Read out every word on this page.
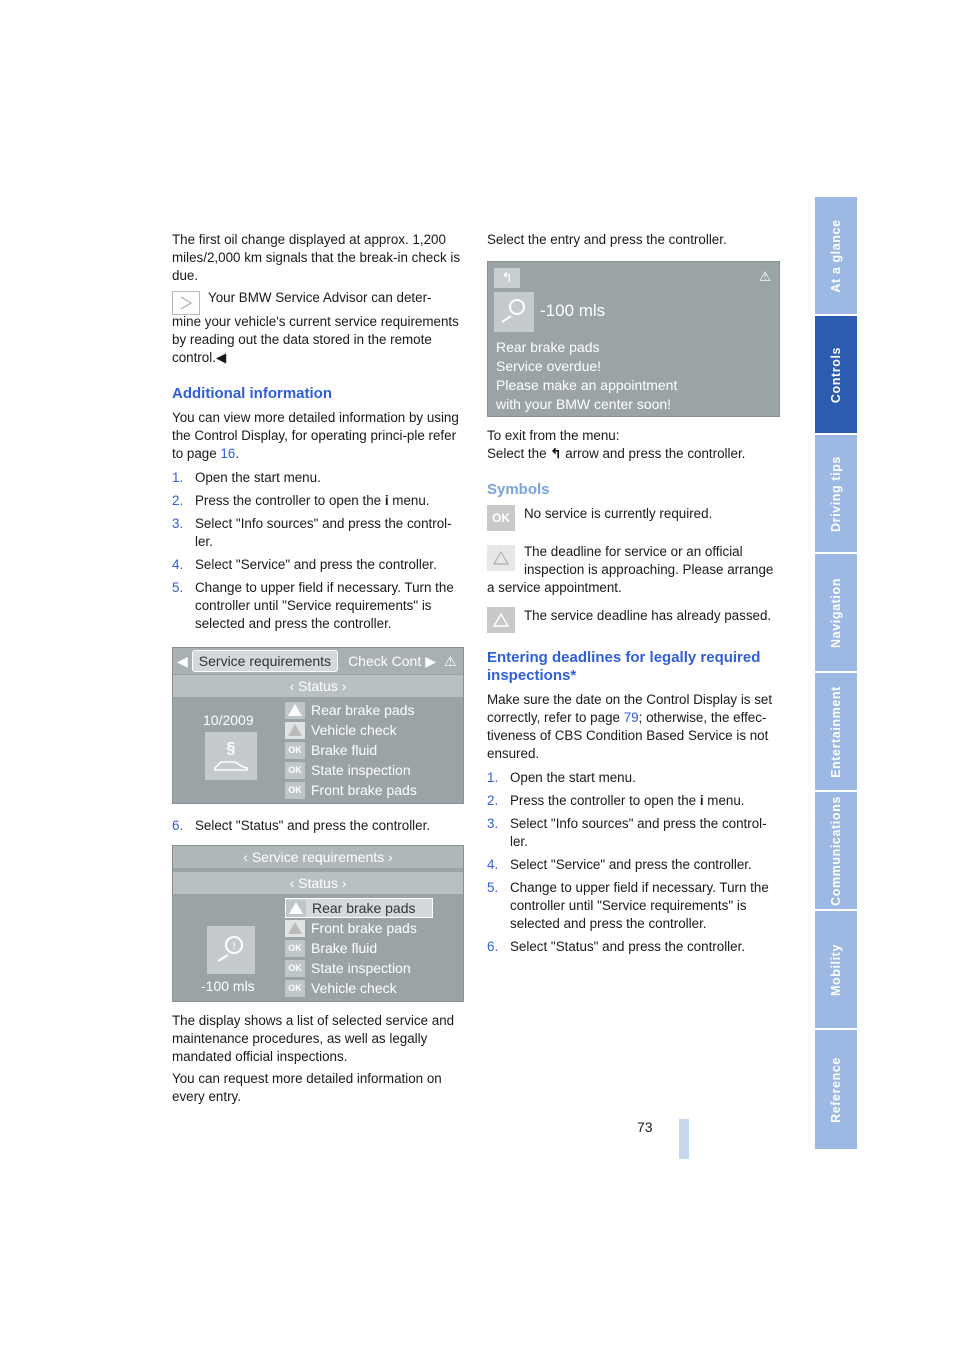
The first oil change displayed at approx. 1,200 miles/2,000 km signals that the break-in check is due.

Your BMW Service Advisor can deter-

mine your vehicle's current service requirements by reading out the data stored in the remote control.◀

Additional information

You can view more detailed information by using the Control Display, for operating princi-ple refer to page 16.

1. Open the start menu.
2. Press the controller to open the i menu.
3. Select "Info sources" and press the control-ler.
4. Select "Service" and press the controller.
5. Change to upper field if necessary. Turn the controller until "Service requirements" is selected and press the controller.
◀ Service requirements	Check Cont ▶ ⚠
‹ Status ›
10/2009
§
Rear brake pads
Vehicle check
OK Brake fluid
OK State inspection
OK Front brake pads
6. Select "Status" and press the controller.
‹ Service requirements ›
‹ Status ›
!
-100 mls
Rear brake pads
Front brake pads
OK Brake fluid
OK State inspection
OK Vehicle check

The display shows a list of selected service and maintenance procedures, as well as legally mandated official inspections.

You can request more detailed information on every entry.

Select the entry and press the controller.

↰	⚠
-100 mls
Rear brake pads
Service overdue!
Please make an appointment
with your BMW center soon!

To exit from the menu:

Select the ↰ arrow and press the controller.

Symbols
OK	No service is currently required.
The deadline for service or an official inspection is approaching. Please arrange a service appointment.
The service deadline has already passed.
Entering deadlines for legally required inspections*

Make sure the date on the Control Display is set correctly, refer to page 79; otherwise, the effec-tiveness of CBS Condition Based Service is not ensured.

1. Open the start menu.
2. Press the controller to open the i menu.
3. Select "Info sources" and press the control-ler.
4. Select "Service" and press the controller.
5. Change to upper field if necessary. Turn the controller until "Service requirements" is selected and press the controller.
6. Select "Status" and press the controller.
At a glance
Controls
Driving tips
Navigation
Entertainment
Communications
Mobility
Reference
73
